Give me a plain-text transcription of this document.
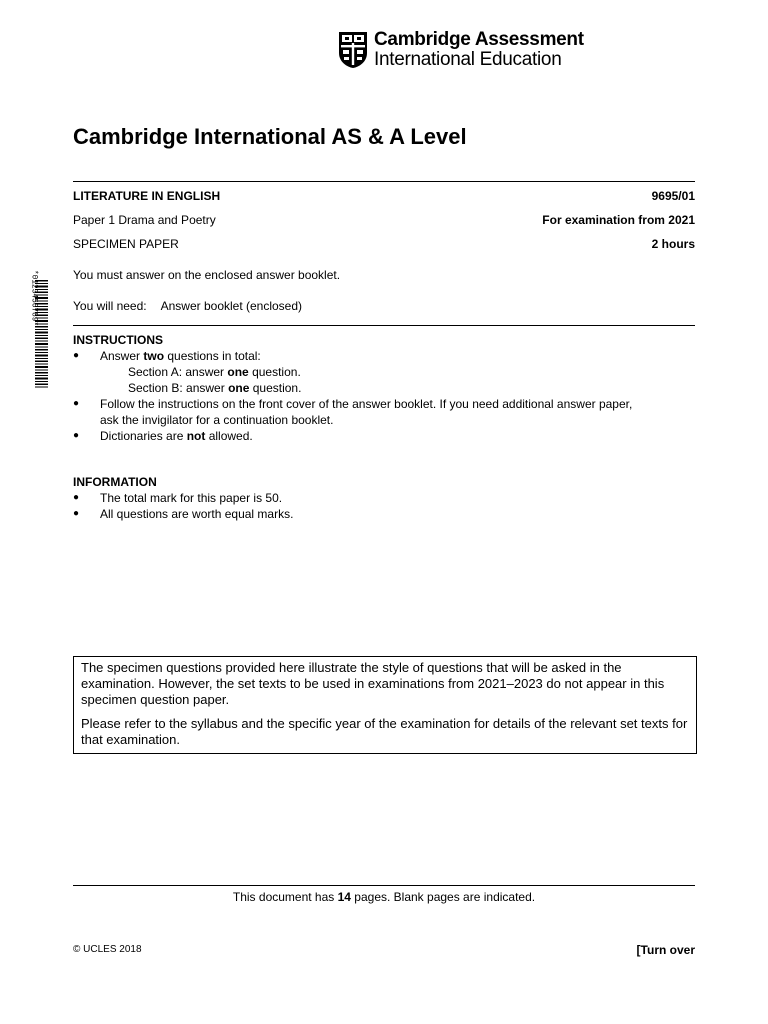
Cambridge Assessment
International Education
Cambridge International AS & A Level
LITERATURE IN ENGLISH	9695/01
Paper 1 Drama and Poetry	For examination from 2021
SPECIMEN PAPER	2 hours
*0123456789*	You must answer on the enclosed answer booklet.
You will need: Answer booklet (enclosed)
INSTRUCTIONS
●	Answer two questions in total:
Section A: answer one question.
Section B: answer one question.
●	Follow the instructions on the front cover of the answer booklet. If you need additional answer paper,
ask the invigilator for a continuation booklet.
●	Dictionaries are not allowed.
INFORMATION
●	The total mark for this paper is 50.
●	All questions are worth equal marks.

The specimen questions provided here illustrate the style of questions that will be asked in the examination. However, the set texts to be used in examinations from 2021–2023 do not appear in this specimen question paper.

Please refer to the syllabus and the specific year of the examination for details of the relevant set texts for that examination.

This document has 14 pages. Blank pages are indicated.
© UCLES 2018	[Turn over
